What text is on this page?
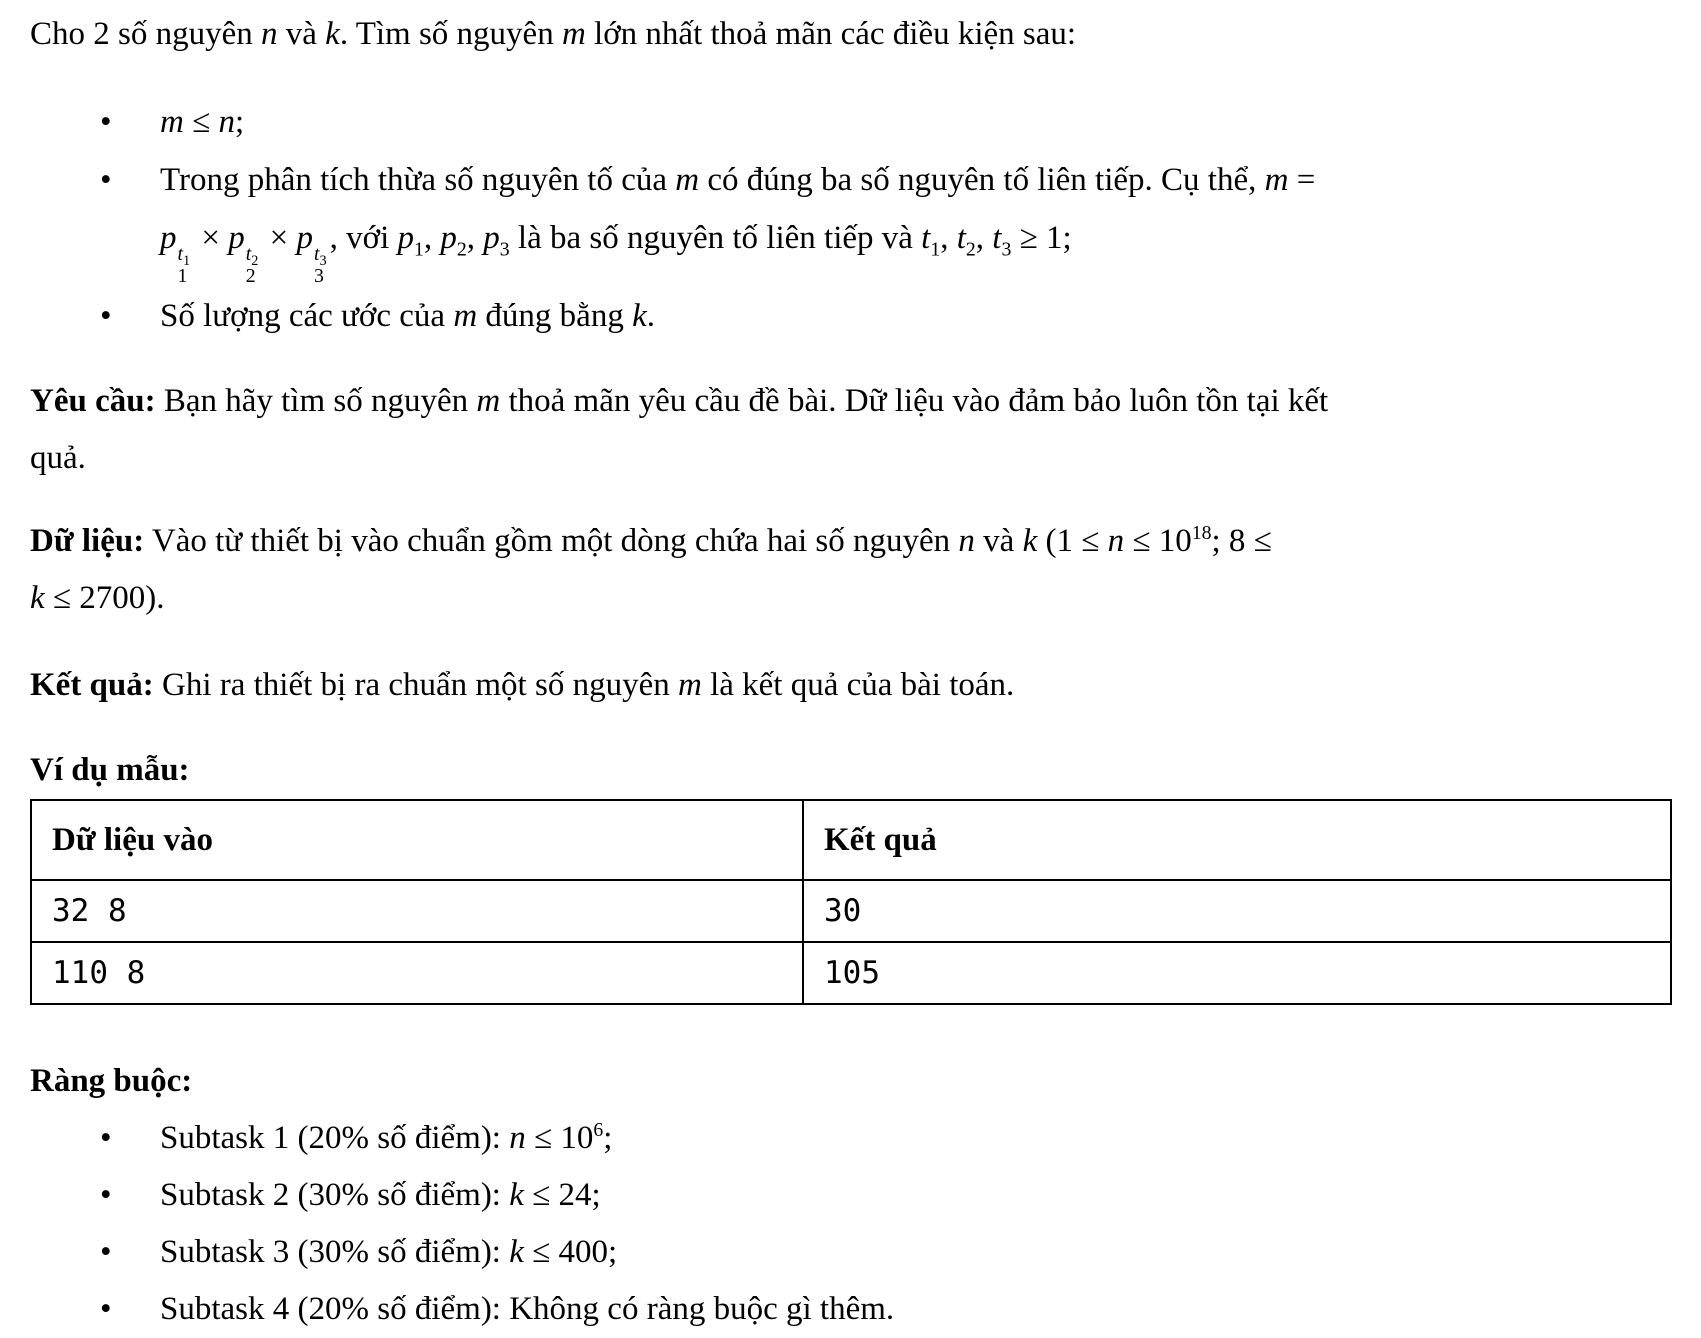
Cho 2 số nguyên n và k. Tìm số nguyên m lớn nhất thoả mãn các điều kiện sau:

• m ≤ n;
• Trong phân tích thừa số nguyên tố của m có đúng ba số nguyên tố liên tiếp. Cụ thể, m =
p $t_1$
1
× p $t_2$
2
× p $t_3$
3
, với $p_1$, $p_2$, $p_3$ là ba số nguyên tố liên tiếp và $t_1$, $t_2$, $t_3 \ge 1$;
• Số lượng các ước của m đúng bằng k.

Yêu cầu: Bạn hãy tìm số nguyên m thoả mãn yêu cầu đề bài. Dữ liệu vào đảm bảo luôn tồn tại kết
quả.

Dữ liệu: Vào từ thiết bị vào chuẩn gồm một dòng chứa hai số nguyên n và k ($1 \le n \le 10^{18}$; 8 ≤
k ≤ 2700).

Kết quả: Ghi ra thiết bị ra chuẩn một số nguyên m là kết quả của bài toán.

Ví dụ mẫu:

Dữ liệu vào	Kết quả
32 8	30
110 8	105

Ràng buộc:

• Subtask 1 (20% số điểm): $n \le 10^6$;
• Subtask 2 (30% số điểm): k ≤ 24;
• Subtask 3 (30% số điểm): k ≤ 400;
• Subtask 4 (20% số điểm): Không có ràng buộc gì thêm.
